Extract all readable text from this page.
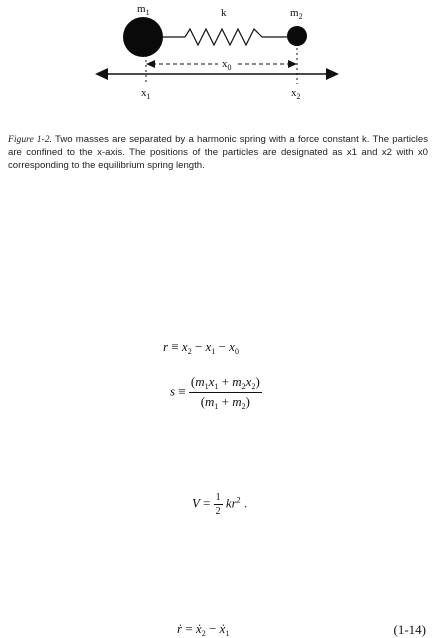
$m_1$	k	$m_2$
$x_0$
$x_1$	$x_2$
Figure 1-2. Two masses are separated by a harmonic spring with a force constant k. The particles are confined to the x-axis. The positions of the particles are designated as x1 and x2 with x0 corresponding to the equilibrium spring length.
$r \equiv x_2 - x_1 - x_0$
$s \equiv \frac{(m_1x_1 + m_2x_2)}{(m_1 + m_2)}$
$V = \frac{1}{2} kr^2$ .
ṙ = $ẋ_2$ − $ẋ_1$	(1-14)
